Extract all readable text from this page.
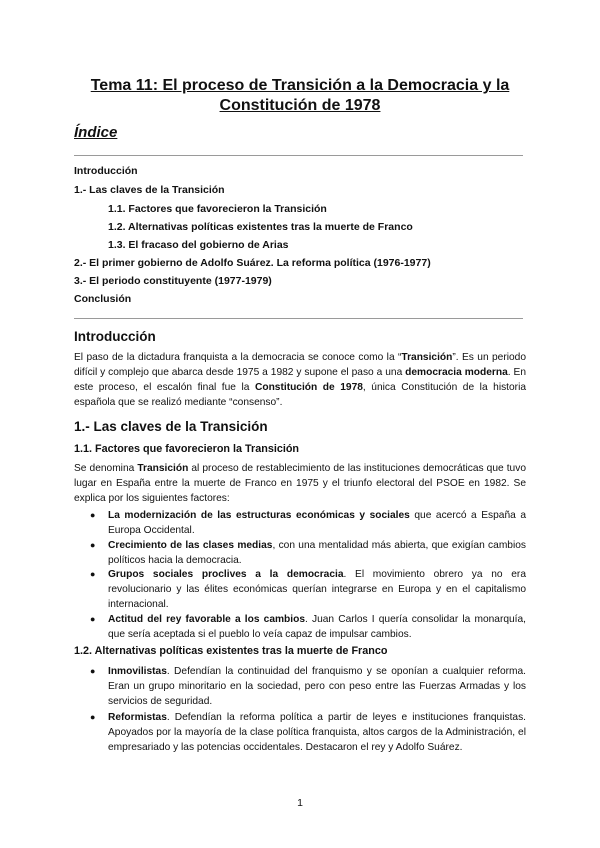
Tema 11: El proceso de Transición a la Democracia y la Constitución de 1978
Índice

Introducción

1.- Las claves de la Transición

1.1. Factores que favorecieron la Transición

1.2. Alternativas políticas existentes tras la muerte de Franco

1.3. El fracaso del gobierno de Arias

2.- El primer gobierno de Adolfo Suárez. La reforma política (1976-1977)

3.- El periodo constituyente (1977-1979)

Conclusión

Introducción

El paso de la dictadura franquista a la democracia se conoce como la “Transición”. Es un periodo difícil y complejo que abarca desde 1975 a 1982 y supone el paso a una democracia moderna. En este proceso, el escalón final fue la Constitución de 1978, única Constitución de la historia española que se realizó mediante “consenso”.

1.- Las claves de la Transición
1.1. Factores que favorecieron la Transición

Se denomina Transición al proceso de restablecimiento de las instituciones democráticas que tuvo lugar en España entre la muerte de Franco en 1975 y el triunfo electoral del PSOE en 1982. Se explica por los siguientes factores:

● La modernización de las estructuras económicas y sociales que acercó a España a Europa Occidental.
● Crecimiento de las clases medias, con una mentalidad más abierta, que exigían cambios políticos hacia la democracia.
● Grupos sociales proclives a la democracia. El movimiento obrero ya no era revolucionario y las élites económicas querían integrarse en Europa y en el capitalismo internacional.
● Actitud del rey favorable a los cambios. Juan Carlos I quería consolidar la monarquía, que sería aceptada si el pueblo lo veía capaz de impulsar cambios.
1.2. Alternativas políticas existentes tras la muerte de Franco
● Inmovilistas. Defendían la continuidad del franquismo y se oponían a cualquier reforma. Eran un grupo minoritario en la sociedad, pero con peso entre las Fuerzas Armadas y los servicios de seguridad.
● Reformistas. Defendían la reforma política a partir de leyes e instituciones franquistas. Apoyados por la mayoría de la clase política franquista, altos cargos de la Administración, el empresariado y las potencias occidentales. Destacaron el rey y Adolfo Suárez.

1
